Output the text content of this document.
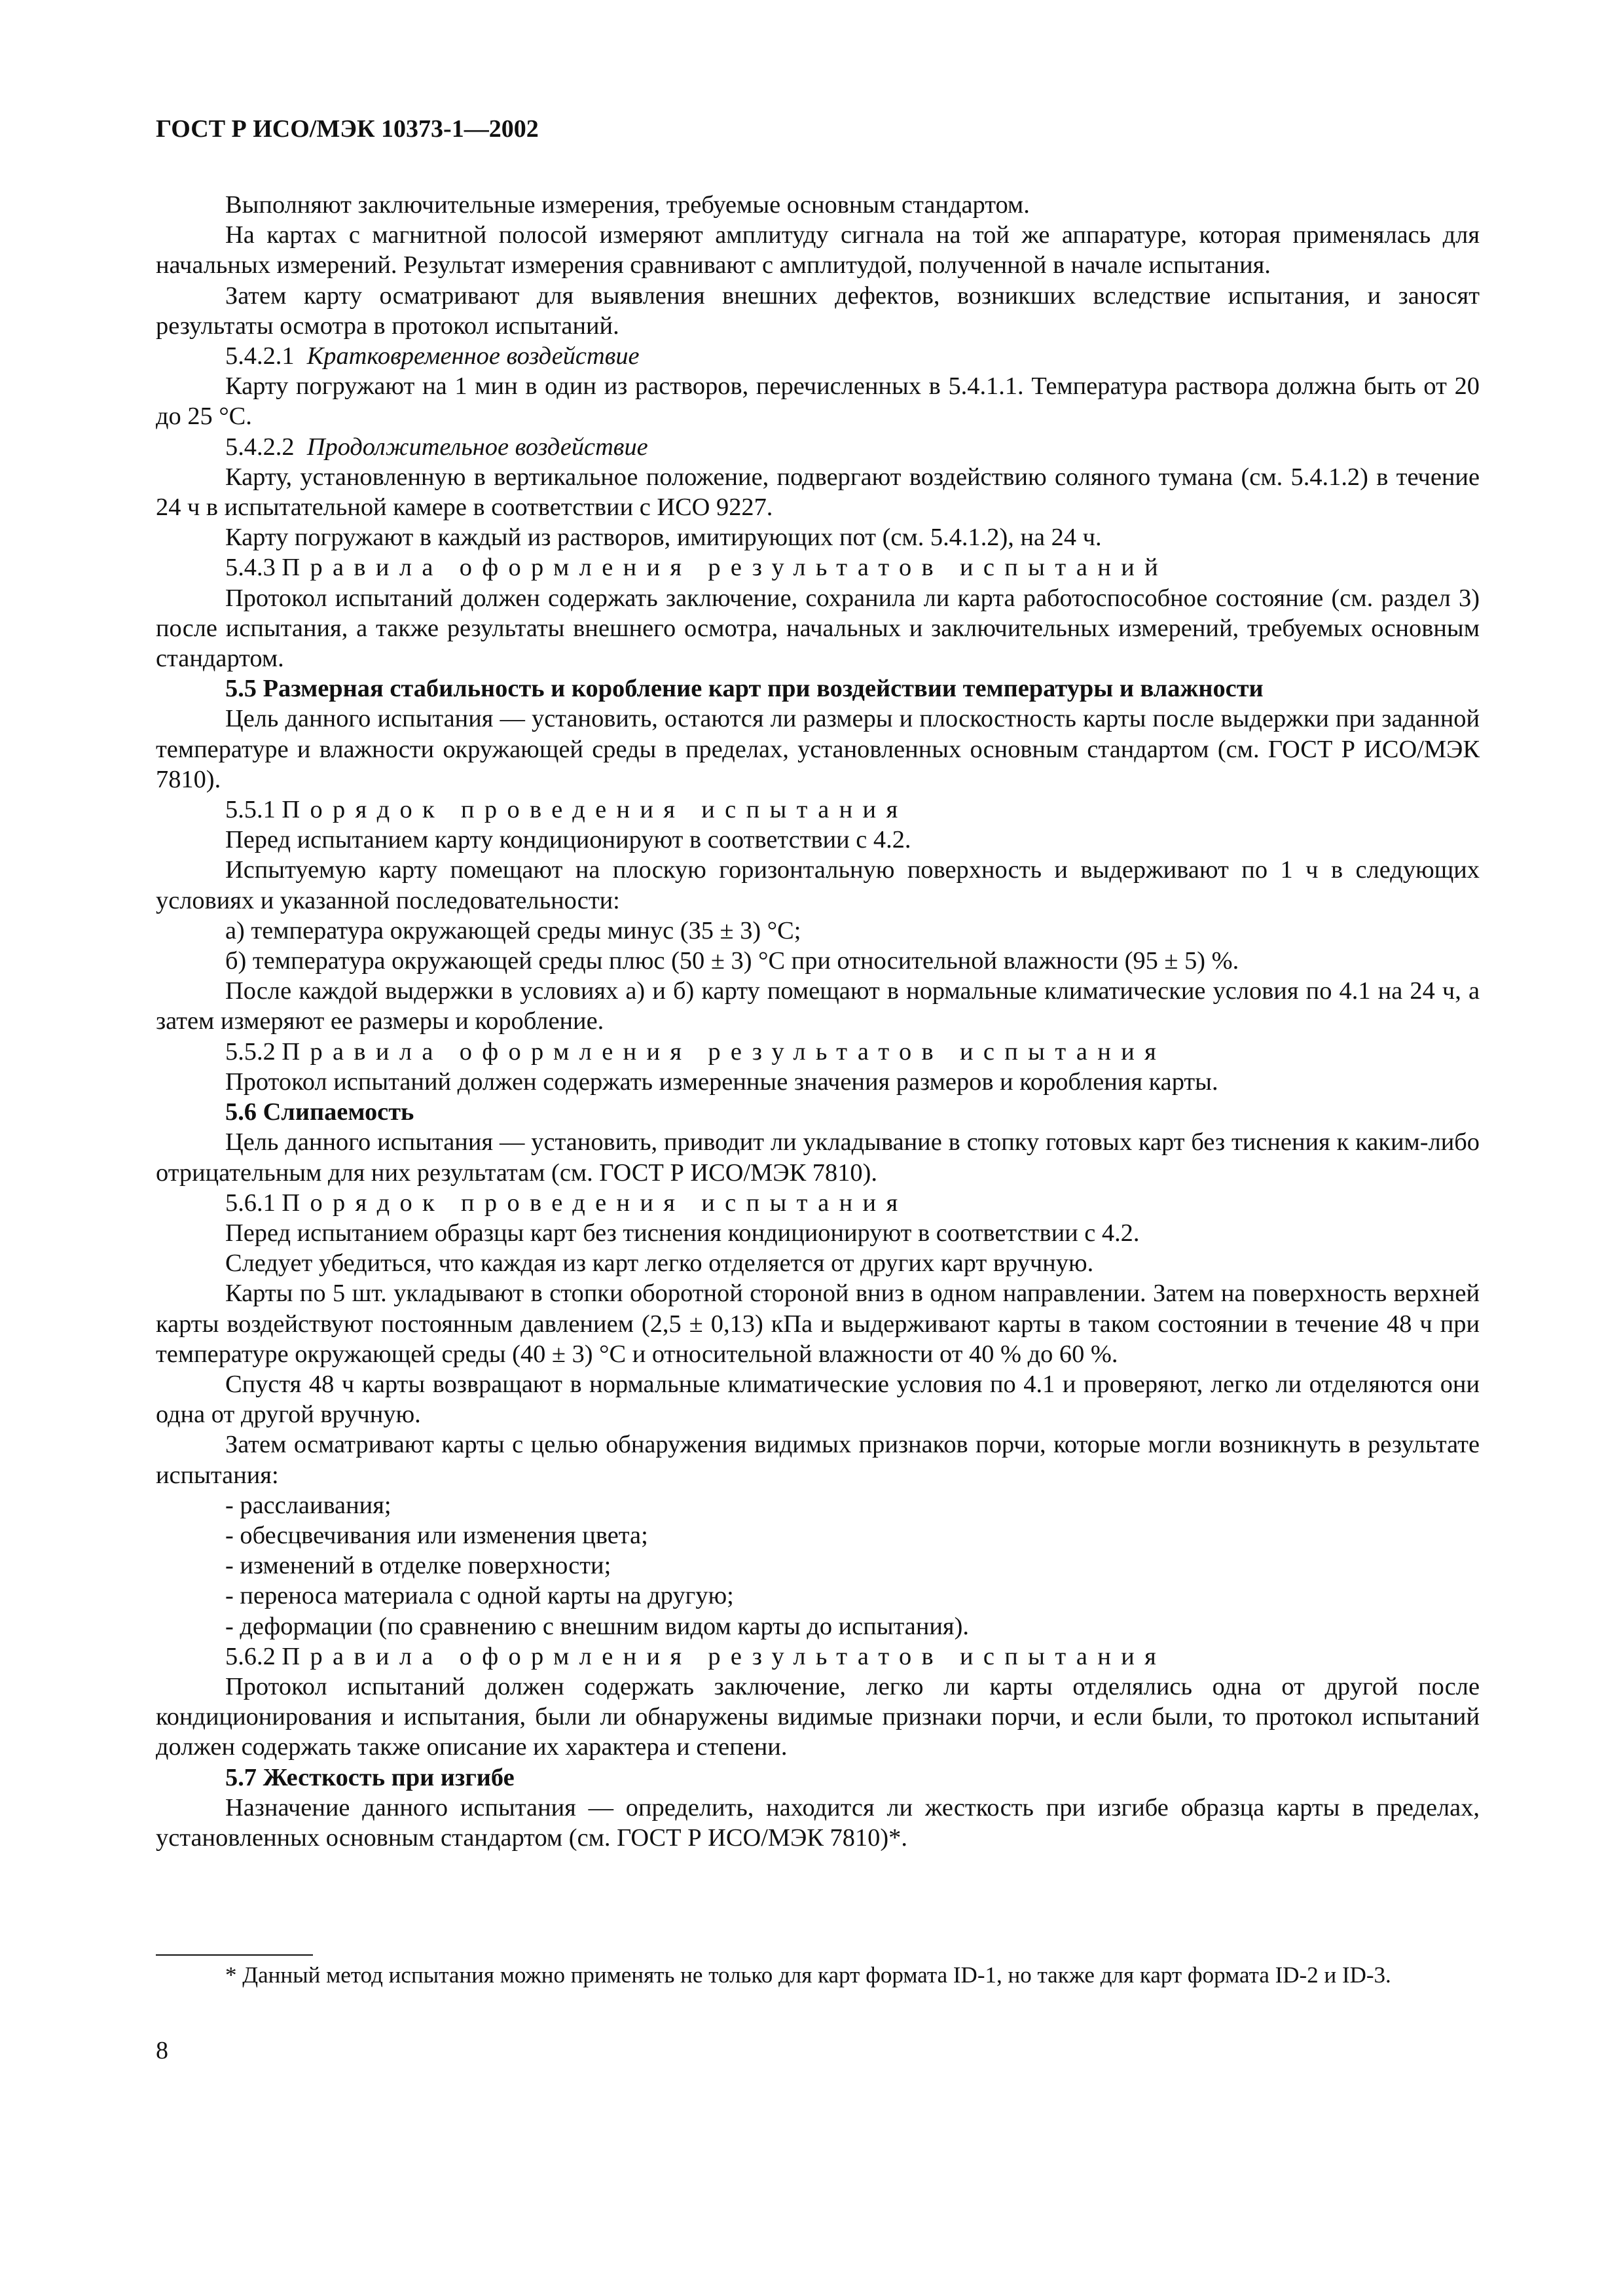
ГОСТ Р ИСО/МЭК 10373-1—2002

Выполняют заключительные измерения, требуемые основным стандартом.

На картах с магнитной полосой измеряют амплитуду сигнала на той же аппаратуре, которая применялась для начальных измерений. Результат измерения сравнивают с амплитудой, полученной в начале испытания.

Затем карту осматривают для выявления внешних дефектов, возникших вследствие испытания, и заносят результаты осмотра в протокол испытаний.

5.4.2.1 Кратковременное воздействие

Карту погружают на 1 мин в один из растворов, перечисленных в 5.4.1.1. Температура раствора должна быть от 20 до 25 °С.

5.4.2.2 Продолжительное воздействие

Карту, установленную в вертикальное положение, подвергают воздействию соляного тумана (см. 5.4.1.2) в течение 24 ч в испытательной камере в соответствии с ИСО 9227.

Карту погружают в каждый из растворов, имитирующих пот (см. 5.4.1.2), на 24 ч.

5.4.3 Правила оформления результатов испытаний

Протокол испытаний должен содержать заключение, сохранила ли карта работоспособное состояние (см. раздел 3) после испытания, а также результаты внешнего осмотра, начальных и заключительных измерений, требуемых основным стандартом.

5.5 Размерная стабильность и коробление карт при воздействии температуры и влажности

Цель данного испытания — установить, остаются ли размеры и плоскостность карты после выдержки при заданной температуре и влажности окружающей среды в пределах, установленных основным стандартом (см. ГОСТ Р ИСО/МЭК 7810).

5.5.1 Порядок проведения испытания

Перед испытанием карту кондиционируют в соответствии с 4.2.

Испытуемую карту помещают на плоскую горизонтальную поверхность и выдерживают по 1 ч в следующих условиях и указанной последовательности:

а) температура окружающей среды минус (35 ± 3) °С;

б) температура окружающей среды плюс (50 ± 3) °С при относительной влажности (95 ± 5) %.

После каждой выдержки в условиях а) и б) карту помещают в нормальные климатические условия по 4.1 на 24 ч, а затем измеряют ее размеры и коробление.

5.5.2 Правила оформления результатов испытания

Протокол испытаний должен содержать измеренные значения размеров и коробления карты.

5.6 Слипаемость

Цель данного испытания — установить, приводит ли укладывание в стопку готовых карт без тиснения к каким-либо отрицательным для них результатам (см. ГОСТ Р ИСО/МЭК 7810).

5.6.1 Порядок проведения испытания

Перед испытанием образцы карт без тиснения кондиционируют в соответствии с 4.2.

Следует убедиться, что каждая из карт легко отделяется от других карт вручную.

Карты по 5 шт. укладывают в стопки оборотной стороной вниз в одном направлении. Затем на поверхность верхней карты воздействуют постоянным давлением (2,5 ± 0,13) кПа и выдерживают карты в таком состоянии в течение 48 ч при температуре окружающей среды (40 ± 3) °С и относительной влажности от 40 % до 60 %.

Спустя 48 ч карты возвращают в нормальные климатические условия по 4.1 и проверяют, легко ли отделяются они одна от другой вручную.

Затем осматривают карты с целью обнаружения видимых признаков порчи, которые могли возникнуть в результате испытания:

- расслаивания;

- обесцвечивания или изменения цвета;

- изменений в отделке поверхности;

- переноса материала с одной карты на другую;

- деформации (по сравнению с внешним видом карты до испытания).

5.6.2 Правила оформления результатов испытания

Протокол испытаний должен содержать заключение, легко ли карты отделялись одна от другой после кондиционирования и испытания, были ли обнаружены видимые признаки порчи, и если были, то протокол испытаний должен содержать также описание их характера и степени.

5.7 Жесткость при изгибе

Назначение данного испытания — определить, находится ли жесткость при изгибе образца карты в пределах, установленных основным стандартом (см. ГОСТ Р ИСО/МЭК 7810)*.

* Данный метод испытания можно применять не только для карт формата ID-1, но также для карт формата ID-2 и ID-3.
8
